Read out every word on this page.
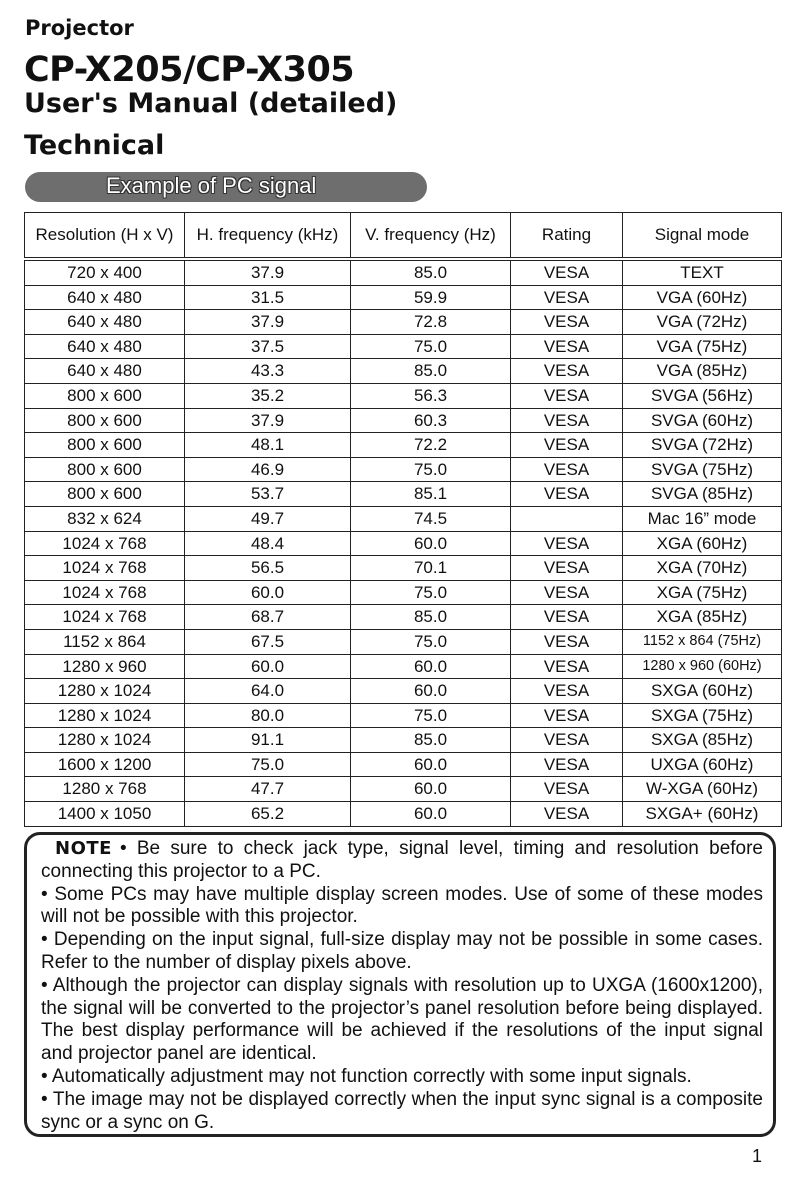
Projector
CP-X205/CP-X305
User's Manual (detailed)
Technical
Example of PC signal
Resolution (H x V)	H. frequency (kHz)	V. frequency (Hz)	Rating	Signal mode
720 x 400	37.9	85.0	VESA	TEXT
640 x 480	31.5	59.9	VESA	VGA (60Hz)
640 x 480	37.9	72.8	VESA	VGA (72Hz)
640 x 480	37.5	75.0	VESA	VGA (75Hz)
640 x 480	43.3	85.0	VESA	VGA (85Hz)
800 x 600	35.2	56.3	VESA	SVGA (56Hz)
800 x 600	37.9	60.3	VESA	SVGA (60Hz)
800 x 600	48.1	72.2	VESA	SVGA (72Hz)
800 x 600	46.9	75.0	VESA	SVGA (75Hz)
800 x 600	53.7	85.1	VESA	SVGA (85Hz)
832 x 624	49.7	74.5		Mac 16” mode
1024 x 768	48.4	60.0	VESA	XGA (60Hz)
1024 x 768	56.5	70.1	VESA	XGA (70Hz)
1024 x 768	60.0	75.0	VESA	XGA (75Hz)
1024 x 768	68.7	85.0	VESA	XGA (85Hz)
1152 x 864	67.5	75.0	VESA	1152 x 864 (75Hz)
1280 x 960	60.0	60.0	VESA	1280 x 960 (60Hz)
1280 x 1024	64.0	60.0	VESA	SXGA (60Hz)
1280 x 1024	80.0	75.0	VESA	SXGA (75Hz)
1280 x 1024	91.1	85.0	VESA	SXGA (85Hz)
1600 x 1200	75.0	60.0	VESA	UXGA (60Hz)
1280 x 768	47.7	60.0	VESA	W-XGA (60Hz)
1400 x 1050	65.2	60.0	VESA	SXGA+ (60Hz)

NOTE • Be sure to check jack type, signal level, timing and resolution before connecting this projector to a PC.

• Some PCs may have multiple display screen modes. Use of some of these modes will not be possible with this projector.

• Depending on the input signal, full-size display may not be possible in some cases. Refer to the number of display pixels above.

• Although the projector can display signals with resolution up to UXGA (1600x1200), the signal will be converted to the projector’s panel resolution before being displayed. The best display performance will be achieved if the resolutions of the input signal and projector panel are identical.

• Automatically adjustment may not function correctly with some input signals.

• The image may not be displayed correctly when the input sync signal is a composite sync or a sync on G.

1
